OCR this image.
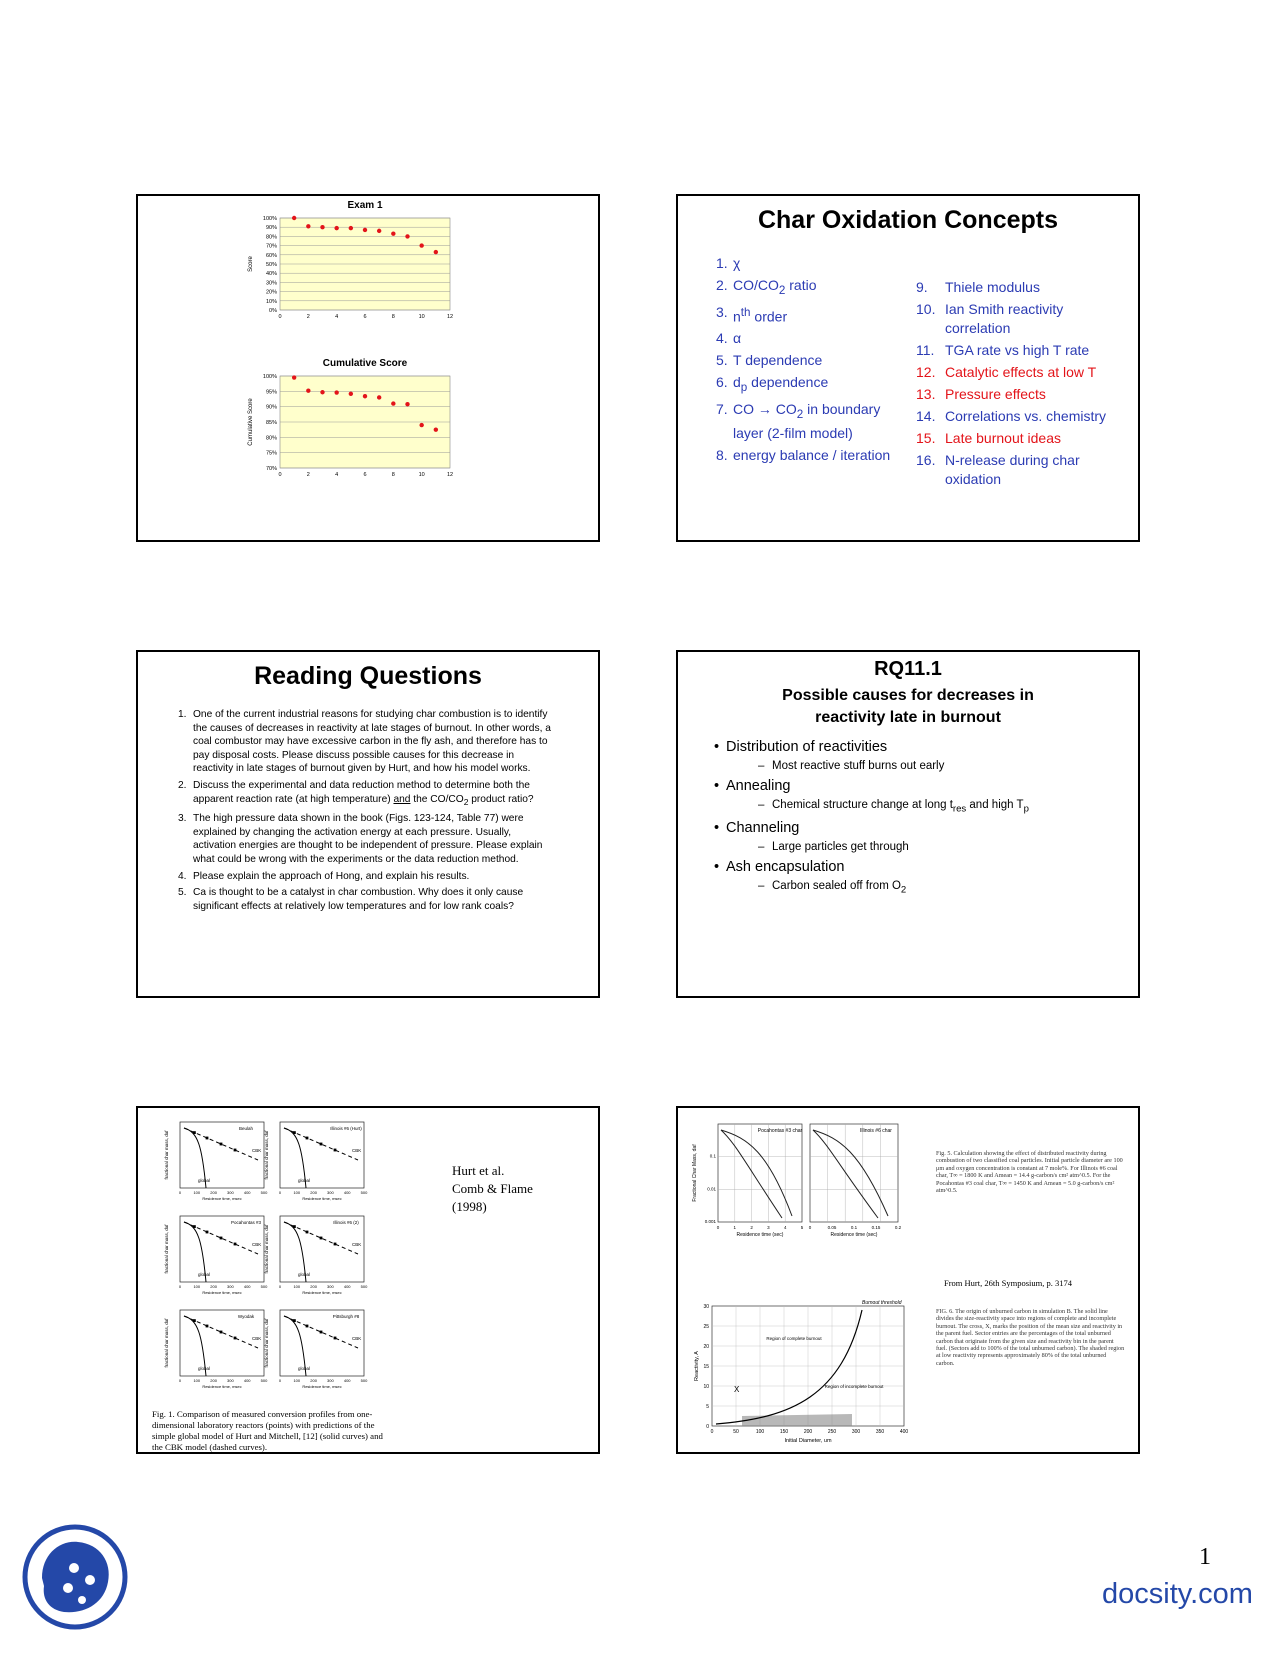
0%
10%
20%
30%
40%
50%
60%
70%
80%
90%
100%
0	2	4	6	8	10	12
Exam 1
Score
70%
75%
80%
85%
90%
95%
100%
0	2	4	6	8	10	12
Cumulative Score
Cumulative Score
Char Oxidation Concepts
1. χ
2. $CO/CO_2$ ratio
3. $n^{th}$ order
4. α
5. T dependence
6. $d_p$ dependence
7. CO → $CO_2$ in boundary layer (2-film model)
8. energy balance / iteration
9.	Thiele modulus
10. Ian Smith reactivity correlation
11. TGA rate vs high T rate
12. Catalytic effects at low T
13. Pressure effects
14. Correlations vs. chemistry
15. Late burnout ideas
16. N-release during char oxidation
Reading Questions
1. One of the current industrial reasons for studying char combustion is to identify the causes of decreases in reactivity at late stages of burnout. In other words, a coal combustor may have excessive carbon in the fly ash, and therefore has to pay disposal costs. Please discuss possible causes for this decrease in reactivity in late stages of burnout given by Hurt, and how his model works.
2. Discuss the experimental and data reduction method to determine both the apparent reaction rate (at high temperature) and the $CO/CO_2$ product ratio?
3. The high pressure data shown in the book (Figs. 123-124, Table 77) were explained by changing the activation energy at each pressure. Usually, activation energies are thought to be independent of pressure. Please explain what could be wrong with the experiments or the data reduction method.
4. Please explain the approach of Hong, and explain his results.
5. Ca is thought to be a catalyst in char combustion. Why does it only cause significant effects at relatively low temperatures and for low rank coals?
RQ11.1
Possible causes for decreases in
reactivity late in burnout
• Distribution of reactivities
– Most reactive stuff burns out early
• Annealing
– Chemical structure change at long $t_{res}$ and high $T_p$
• Channeling
– Large particles get through
• Ash encapsulation
– Carbon sealed off from $O_2$
Beulah
CBK
global
0	100	200	300	400	500
Residence time, msec
fractional char mass, daf
Illinois #6 (Hurt)
CBK
global
0	100	200	300	400	500
Residence time, msec
fractional char mass, daf
Pocahontas #3
CBK
global
0	100	200	300	400	500
Residence time, msec
fractional char mass, daf
Illinois #6 (2)
CBK
global
0	100	200	300	400	500
Residence time, msec
fractional char mass, daf
Wyodak
CBK
global
0	100	200	300	400	500
Residence time, msec
fractional char mass, daf
Pittsburgh #8
CBK
global
0	100	200	300	400	500
Residence time, msec
fractional char mass, daf
Fig. 1. Comparison of measured conversion profiles from one-dimensional laboratory reactors (points) with predictions of the simple global model of Hurt and Mitchell, [12] (solid curves) and the CBK model (dashed curves).
Hurt et al.
Comb & Flame
(1998)
Pocahontas #3 char
0	1	2	3	4	5
Residence time (sec)
0.001
0.01
0.1
Fractional Char Mass, daf
Illinois #6 char
0	0.05	0.1	0.15	0.2
Residence time (sec)
Burnout threshold
Region of complete burnout
Region of incomplete burnout
X
0	50	100	150	200	250	300	350	400
0
5
10
15
20
25
30
Initial Diameter, um
Reactivity, A
Fig. 5. Calculation showing the effect of distributed reactivity during combustion of two classified coal particles. Initial particle diameter are 100 μm and oxygen concentration is constant at 7 mole%. For Illinois #6 coal char, T∞ = 1800 K and Amean = 14.4 g-carbon/s cm² atm^0.5. For the Pocahontas #3 coal char, T∞ = 1450 K and Amean = 5.0 g-carbon/s cm² atm^0.5.
From Hurt, 26th Symposium, p. 3174
FIG. 6. The origin of unburned carbon in simulation B. The solid line divides the size-reactivity space into regions of complete and incomplete burnout. The cross, X, marks the position of the mean size and reactivity in the parent fuel. Sector entries are the percentages of the total unburned carbon that originate from the given size and reactivity bin in the parent fuel. (Sectors add to 100% of the total unburned carbon). The shaded region at low reactivity represents approximately 80% of the total unburned carbon.
1
docsity.com
